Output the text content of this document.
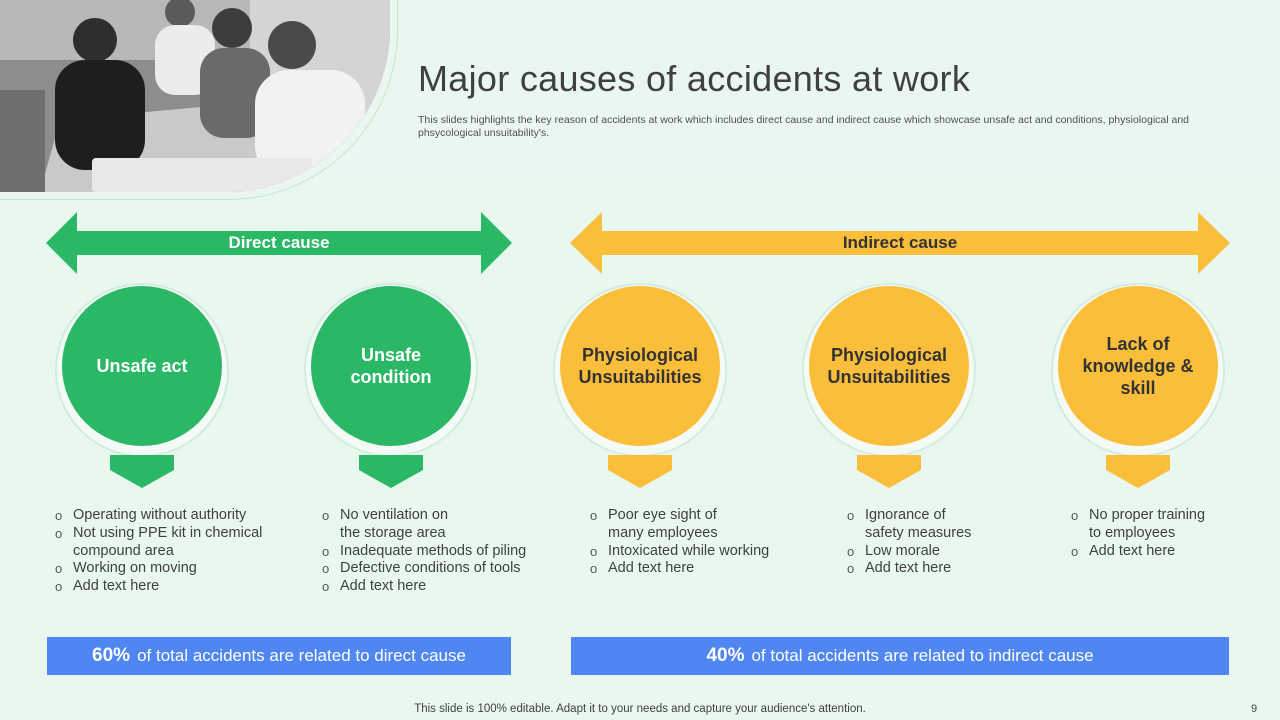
Major causes of accidents at work

This slides highlights the key reason of accidents at work which includes direct cause and indirect cause which showcase unsafe act and conditions, physiological and phsycological unsuitability's.

Direct cause	Indirect cause
Unsafe act
Unsafe condition
Physiological Unsuitabilities
Physiological Unsuitabilities
Lack of knowledge & skill
o Operating without authority
o Not using PPE kit in chemical compound area
o Working on moving
o Add text here
o No ventilation on the storage area
o Inadequate methods of piling
o Defective conditions of tools
o Add text here
o Poor eye sight of many employees
o Intoxicated while working
o Add text here
o Ignorance of safety measures
o Low morale
o Add text here
o No proper training to employees
o Add text here
60% of total accidents are related to direct cause	40% of total accidents are related to indirect cause
This slide is 100% editable. Adapt it to your needs and capture your audience's attention.	9
